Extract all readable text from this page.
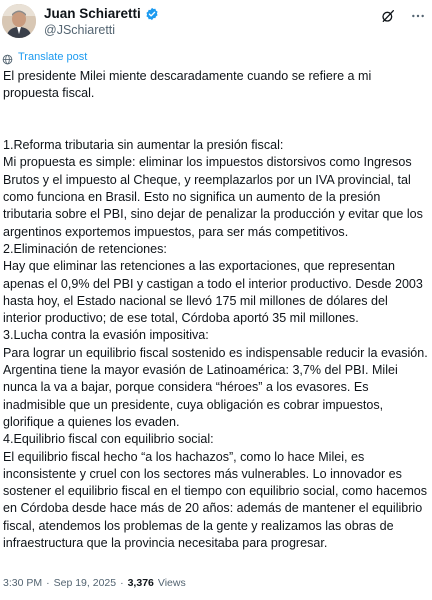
Juan Schiaretti
@JSchiaretti
Translate post

El presidente Milei miente descaradamente cuando se refiere a mi propuesta fiscal.

1.Reforma tributaria sin aumentar la presión fiscal:

Mi propuesta es simple: eliminar los impuestos distorsivos como Ingresos Brutos y el impuesto al Cheque, y reemplazarlos por un IVA provincial, tal como funciona en Brasil. Esto no significa un aumento de la presión tributaria sobre el PBI, sino dejar de penalizar la producción y evitar que los argentinos exportemos impuestos, para ser más competitivos.

2.Eliminación de retenciones:

Hay que eliminar las retenciones a las exportaciones, que representan apenas el 0,9% del PBI y castigan a todo el interior productivo. Desde 2003 hasta hoy, el Estado nacional se llevó 175 mil millones de dólares del interior productivo; de ese total, Córdoba aportó 35 mil millones.

3.Lucha contra la evasión impositiva:

Para lograr un equilibrio fiscal sostenido es indispensable reducir la evasión. Argentina tiene la mayor evasión de Latinoamérica: 3,7% del PBI. Milei nunca la va a bajar, porque considera “héroes” a los evasores. Es inadmisible que un presidente, cuya obligación es cobrar impuestos, glorifique a quienes los evaden.

4.Equilibrio fiscal con equilibrio social:

El equilibrio fiscal hecho “a los hachazos”, como lo hace Milei, es inconsistente y cruel con los sectores más vulnerables. Lo innovador es sostener el equilibrio fiscal en el tiempo con equilibrio social, como hacemos en Córdoba desde hace más de 20 años: además de mantener el equilibrio fiscal, atendemos los problemas de la gente y realizamos las obras de infraestructura que la provincia necesitaba para progresar.

3:30 PM · Sep 19, 2025 · 3,376 Views
